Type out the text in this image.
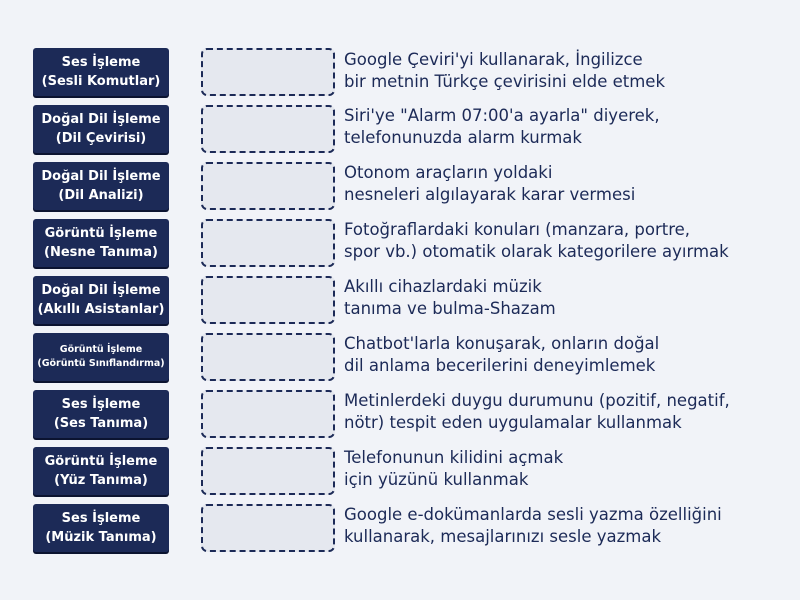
Ses İşleme
(Sesli Komutlar)
Google Çeviri'yi kullanarak, İngilizce
bir metnin Türkçe çevirisini elde etmek
Doğal Dil İşleme
(Dil Çevirisi)
Siri'ye "Alarm 07:00'a ayarla" diyerek,
telefonunuzda alarm kurmak
Doğal Dil İşleme
(Dil Analizi)
Otonom araçların yoldaki
nesneleri algılayarak karar vermesi
Görüntü İşleme
(Nesne Tanıma)
Fotoğraflardaki konuları (manzara, portre,
spor vb.) otomatik olarak kategorilere ayırmak
Doğal Dil İşleme
(Akıllı Asistanlar)
Akıllı cihazlardaki müzik
tanıma ve bulma-Shazam
Görüntü İşleme
(Görüntü Sınıflandırma)
Chatbot'larla konuşarak, onların doğal
dil anlama becerilerini deneyimlemek
Ses İşleme
(Ses Tanıma)
Metinlerdeki duygu durumunu (pozitif, negatif,
nötr) tespit eden uygulamalar kullanmak
Görüntü İşleme
(Yüz Tanıma)
Telefonunun kilidini açmak
için yüzünü kullanmak
Ses İşleme
(Müzik Tanıma)
Google e-dokümanlarda sesli yazma özelliğini
kullanarak, mesajlarınızı sesle yazmak
